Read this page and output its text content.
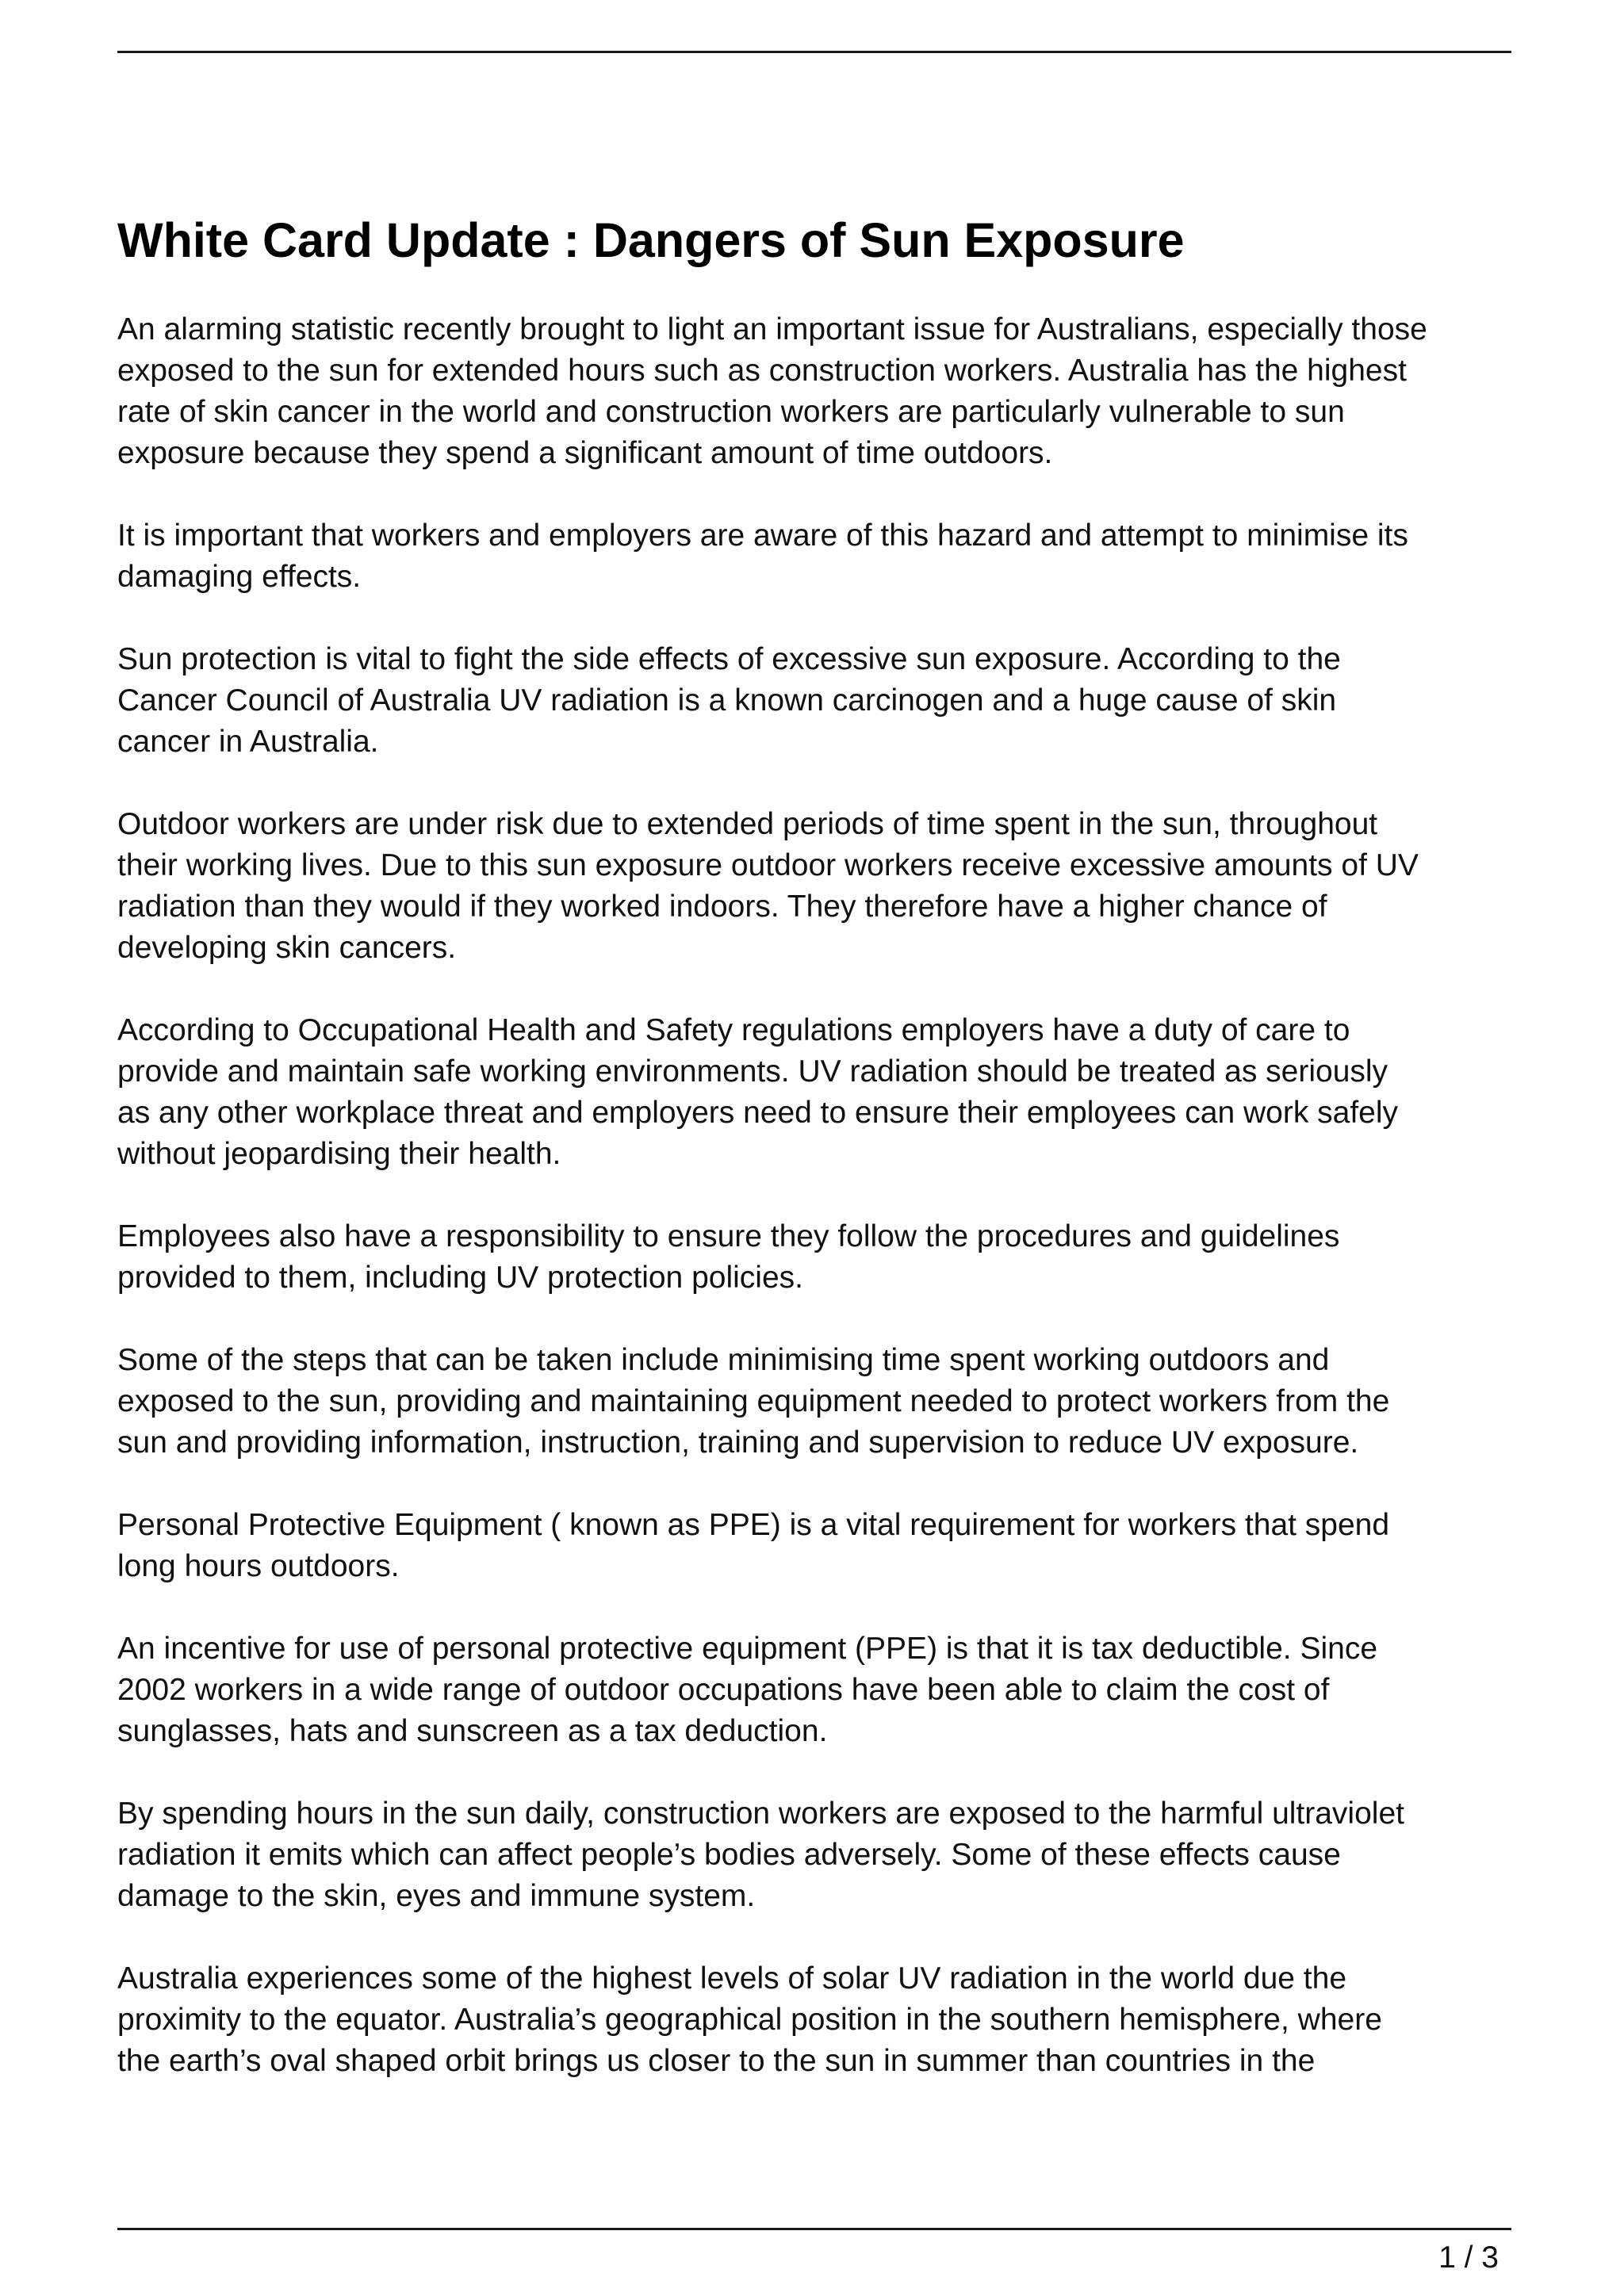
White Card Update : Dangers of Sun Exposure

An alarming statistic recently brought to light an important issue for Australians, especially those
exposed to the sun for extended hours such as construction workers. Australia has the highest
rate of skin cancer in the world and construction workers are particularly vulnerable to sun
exposure because they spend a significant amount of time outdoors.

It is important that workers and employers are aware of this hazard and attempt to minimise its
damaging effects.

Sun protection is vital to fight the side effects of excessive sun exposure. According to the
Cancer Council of Australia UV radiation is a known carcinogen and a huge cause of skin
cancer in Australia.

Outdoor workers are under risk due to extended periods of time spent in the sun, throughout
their working lives. Due to this sun exposure outdoor workers receive excessive amounts of UV
radiation than they would if they worked indoors. They therefore have a higher chance of
developing skin cancers.

According to Occupational Health and Safety regulations employers have a duty of care to
provide and maintain safe working environments. UV radiation should be treated as seriously
as any other workplace threat and employers need to ensure their employees can work safely
without jeopardising their health.

Employees also have a responsibility to ensure they follow the procedures and guidelines
provided to them, including UV protection policies.

Some of the steps that can be taken include minimising time spent working outdoors and
exposed to the sun, providing and maintaining equipment needed to protect workers from the
sun and providing information, instruction, training and supervision to reduce UV exposure.

Personal Protective Equipment ( known as PPE) is a vital requirement for workers that spend
long hours outdoors.

An incentive for use of personal protective equipment (PPE) is that it is tax deductible. Since
2002 workers in a wide range of outdoor occupations have been able to claim the cost of
sunglasses, hats and sunscreen as a tax deduction.

By spending hours in the sun daily, construction workers are exposed to the harmful ultraviolet
radiation it emits which can affect people’s bodies adversely. Some of these effects cause
damage to the skin, eyes and immune system.

Australia experiences some of the highest levels of solar UV radiation in the world due the
proximity to the equator. Australia’s geographical position in the southern hemisphere, where
the earth’s oval shaped orbit brings us closer to the sun in summer than countries in the

1 / 3
